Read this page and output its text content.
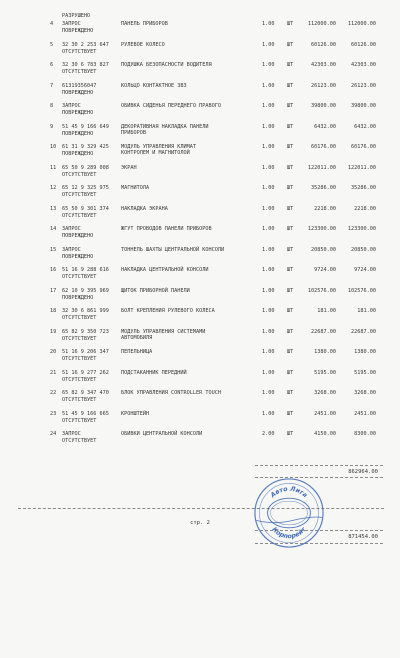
РАЗРУШЕНО
4 ЗАПРОС
ПОВРЕЖДЕНО
ПАНЕЛЬ ПРИБОРОВ	1.00 ШТ	112000.00	112000.00
5 32 30 2 253 647
ОТСУТСТВУЕТ
РУЛЕВОЕ КОЛЕСО	1.00 ШТ	60126.00	60126.00
6 32 30 6 783 827
ОТСУТСТВУЕТ
ПОДУШКА БЕЗОПАСНОСТИ ВОДИТЕЛЯ	1.00 ШТ	42303.00	42303.00
7 61319356047
ПОВРЕЖДЕНО
КОЛЬЦО КОНТАКТНОЕ ЗВЗ	1.00 ШТ	26123.00	26123.00
8 ЗАПРОС
ПОВРЕЖДЕНО
ОБИВКА СИДЕНЬЯ ПЕРЕДНЕГО ПРАВОГО	1.00 ШТ	39800.00	39800.00
9 51 45 9 166 649
ПОВРЕЖДЕНО
ДЕКОРАТИВНАЯ НАКЛАДКА ПАНЕЛИ
ПРИБОРОВ
1.00 ШТ	6432.00	6432.00
10 61 31 9 329 425
ПОВРЕЖДЕНО
МОДУЛЬ УПРАВЛЕНИЯ КЛИМАТ
КОНТРОЛЕМ И МАГНИТОЛОЙ
1.00 ШТ	60176.00	60176.00
11 65 50 9 289 008
ОТСУТСТВУЕТ
ЭКРАН	1.00 ШТ	122011.00	122011.00
12 65 12 9 325 975
ОТСУТСТВУЕТ
МАГНИТОЛА	1.00 ШТ	35286.00	35286.00
13 65 50 9 301 374
ОТСУТСТВУЕТ
НАКЛАДКА ЭКРАНА	1.00 ШТ	2218.00	2218.00
14 ЗАПРОС
ПОВРЕЖДЕНО
ЖГУТ ПРОВОДОВ ПАНЕЛИ ПРИБОРОВ	1.00 ШТ	123300.00	123300.00
15 ЗАПРОС
ПОВРЕЖДЕНО
ТОННЕЛЬ ШАХТЫ ЦЕНТРАЛЬНОЙ КОНСОЛИ	1.00 ШТ	20850.00	20850.00
16 51 16 9 288 616
ОТСУТСТВУЕТ
НАКЛАДКА ЦЕНТРАЛЬНОЙ КОНСОЛИ	1.00 ШТ	9724.00	9724.00
17 62 10 9 395 969
ПОВРЕЖДЕНО
ЩИТОК ПРИБОРНОЙ ПАНЕЛИ	1.00 ШТ	102576.00	102576.00
18 32 30 6 861 999
ОТСУТСТВУЕТ
БОЛТ КРЕПЛЕНИЯ РУЛЕВОГО КОЛЕСА	1.00 ШТ	181.00	181.00
19 65 82 9 350 723
ОТСУТСТВУЕТ
МОДУЛЬ УПРАВЛЕНИЯ СИСТЕМАМИ
АВТОМОБИЛЯ
1.00 ШТ	22687.00	22687.00
20 51 16 9 206 347
ОТСУТСТВУЕТ
ПЕПЕЛЬНИЦА	1.00 ШТ	1380.00	1380.00
21 51 16 9 277 262
ОТСУТСТВУЕТ
ПОДСТАКАННИК ПЕРЕДНИЙ	1.00 ШТ	5195.00	5195.00
22 65 82 9 347 470
ОТСУТСТВУЕТ
БЛОК УПРАВЛЕНИЯ CONTROLLER TOUCH	1.00 ШТ	3268.00	3268.00
23 51 45 9 166 665
ОТСУТСТВУЕТ
КРОНШТЕЙН	1.00 ШТ	2451.00	2451.00
24 ЗАПРОС
ОТСУТСТВУЕТ
ОБИВКИ ЦЕНТРАЛЬНОЙ КОНСОЛИ	2.00 ШТ	4150.00	8300.00
862964.00
стр. 2
871454.00
Авто Лига
Корпорейт
